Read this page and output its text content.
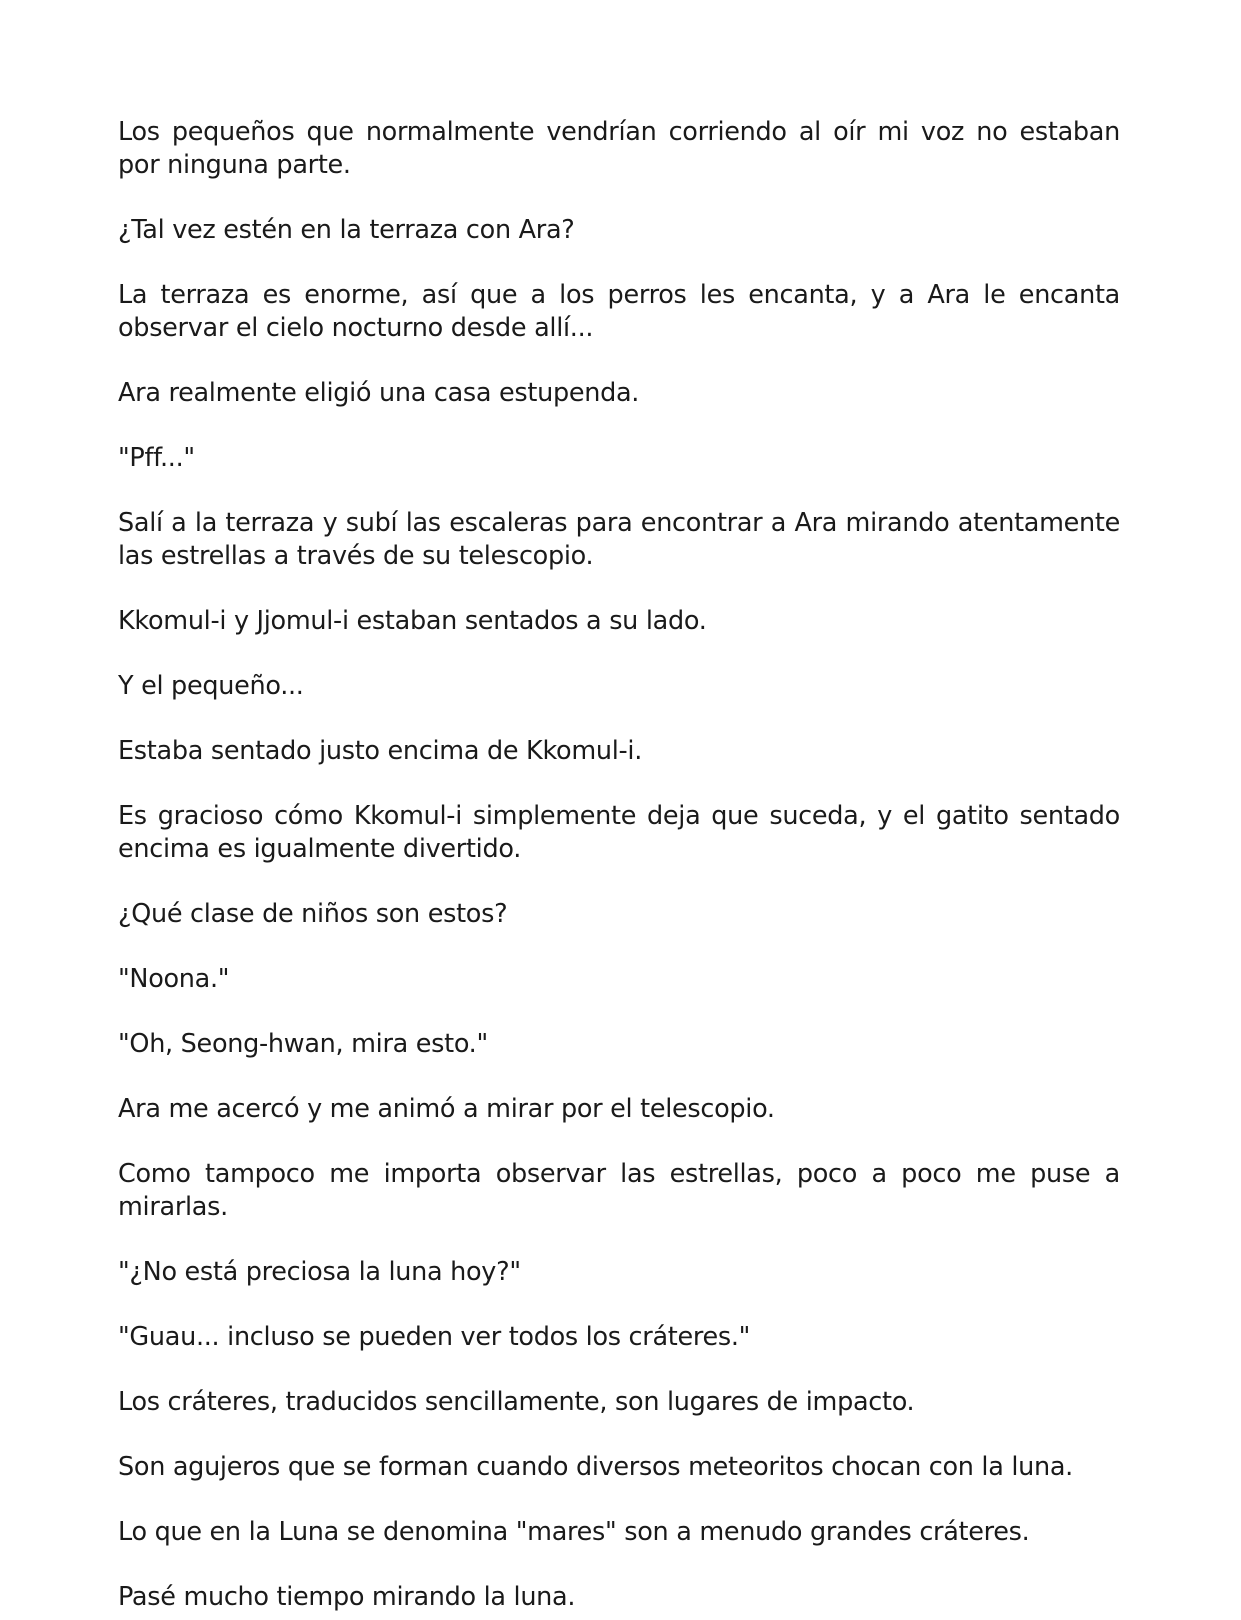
Los pequeños que normalmente vendrían corriendo al oír mi voz no estaban por ninguna parte.

¿Tal vez estén en la terraza con Ara?

La terraza es enorme, así que a los perros les encanta, y a Ara le encanta observar el cielo nocturno desde allí...

Ara realmente eligió una casa estupenda.

"Pff..."

Salí a la terraza y subí las escaleras para encontrar a Ara mirando atentamente las estrellas a través de su telescopio.

Kkomul-i y Jjomul-i estaban sentados a su lado.

Y el pequeño...

Estaba sentado justo encima de Kkomul-i.

Es gracioso cómo Kkomul-i simplemente deja que suceda, y el gatito sentado encima es igualmente divertido.

¿Qué clase de niños son estos?

"Noona."

"Oh, Seong-hwan, mira esto."

Ara me acercó y me animó a mirar por el telescopio.

Como tampoco me importa observar las estrellas, poco a poco me puse a mirarlas.

"¿No está preciosa la luna hoy?"

"Guau... incluso se pueden ver todos los cráteres."

Los cráteres, traducidos sencillamente, son lugares de impacto.

Son agujeros que se forman cuando diversos meteoritos chocan con la luna.

Lo que en la Luna se denomina "mares" son a menudo grandes cráteres.

Pasé mucho tiempo mirando la luna.
